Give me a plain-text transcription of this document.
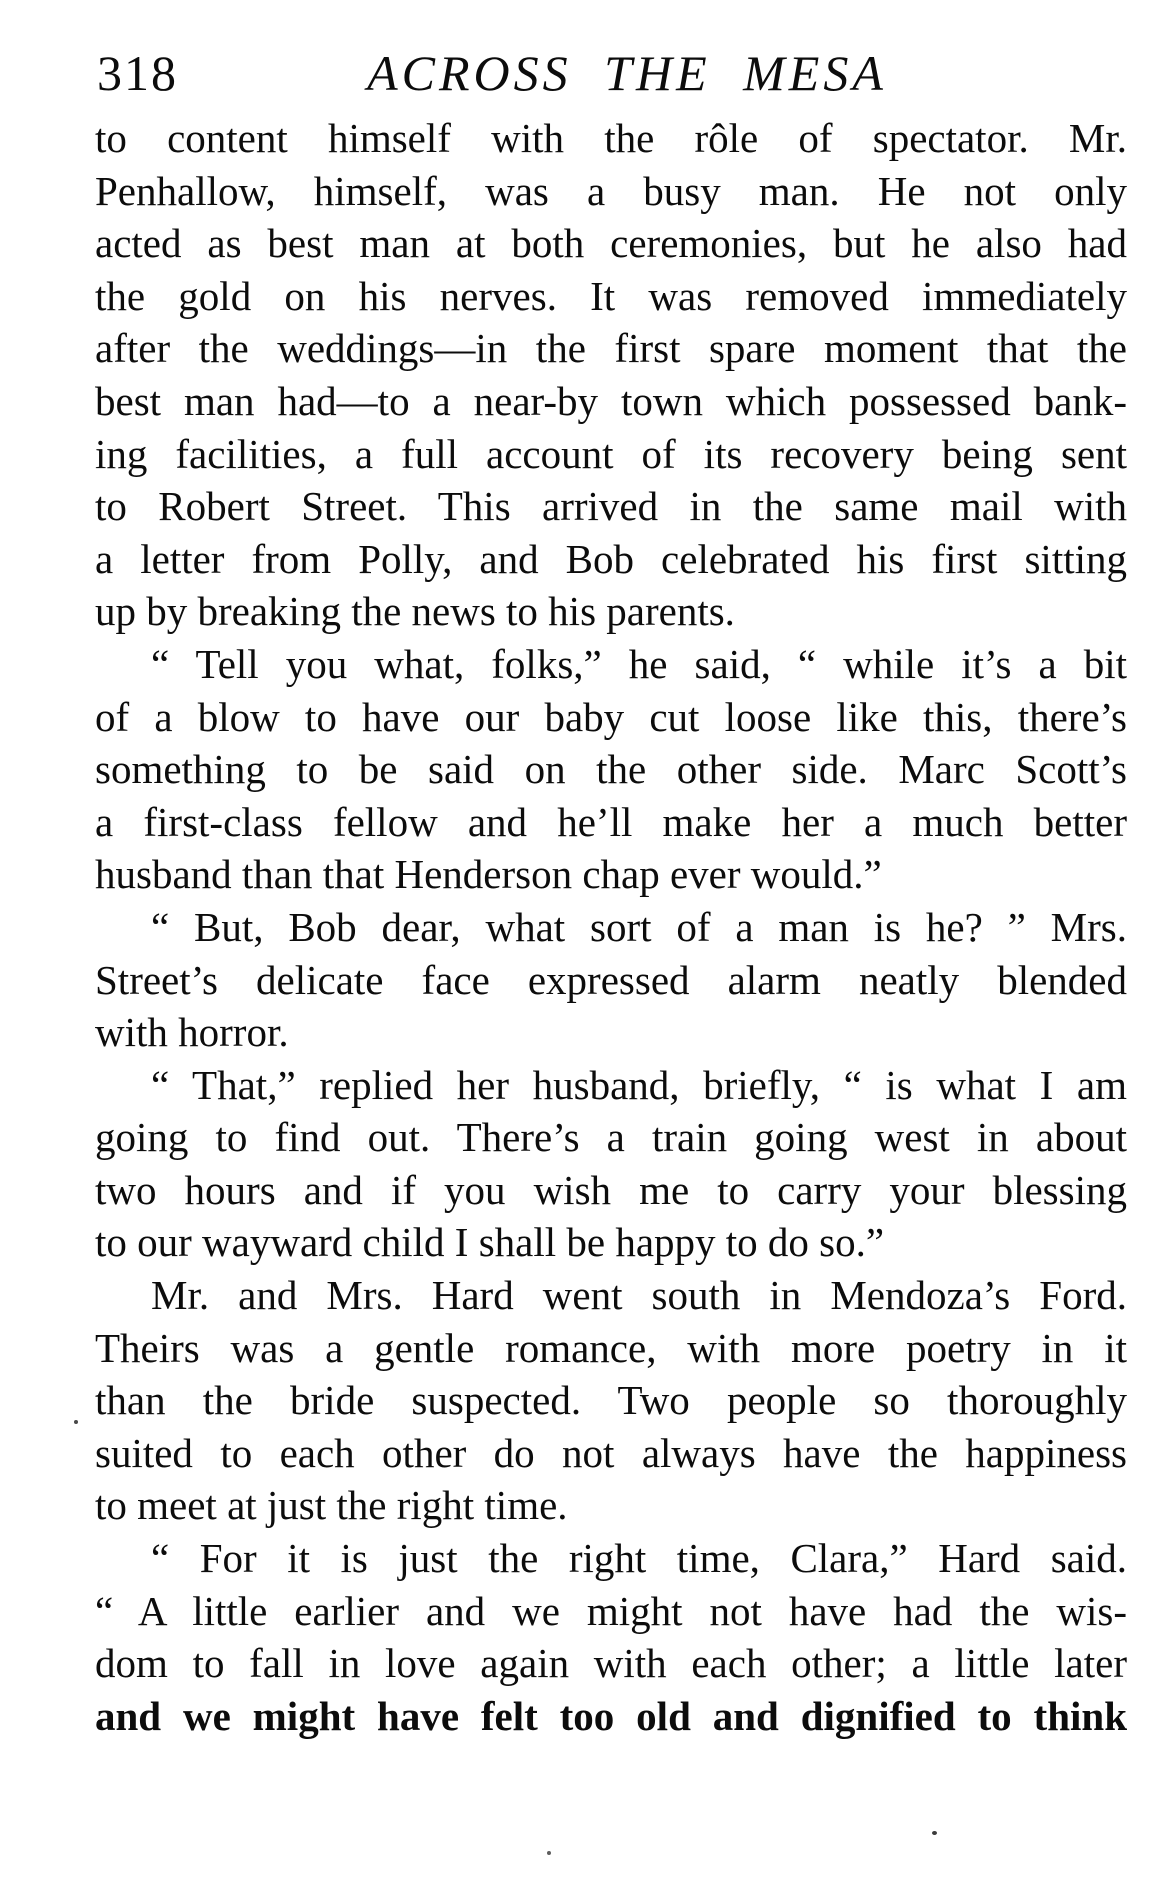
318	ACROSS THE MESA
to content himself with the rôle of spectator. Mr.
Penhallow, himself, was a busy man. He not only
acted as best man at both ceremonies, but he also had
the gold on his nerves. It was removed immediately
after the weddings—in the first spare moment that the
best man had—to a near-by town which possessed bank-
ing facilities, a full account of its recovery being sent
to Robert Street. This arrived in the same mail with
a letter from Polly, and Bob celebrated his first sitting
up by breaking the news to his parents.
“ Tell you what, folks,” he said, “ while it’s a bit
of a blow to have our baby cut loose like this, there’s
something to be said on the other side. Marc Scott’s
a first-class fellow and he’ll make her a much better
husband than that Henderson chap ever would.”
“ But, Bob dear, what sort of a man is he? ” Mrs.
Street’s delicate face expressed alarm neatly blended
with horror.
“ That,” replied her husband, briefly, “ is what I am
going to find out. There’s a train going west in about
two hours and if you wish me to carry your blessing
to our wayward child I shall be happy to do so.”
Mr. and Mrs. Hard went south in Mendoza’s Ford.
Theirs was a gentle romance, with more poetry in it
than the bride suspected. Two people so thoroughly
suited to each other do not always have the happiness
to meet at just the right time.
“ For it is just the right time, Clara,” Hard said.
“ A little earlier and we might not have had the wis-
dom to fall in love again with each other; a little later
and we might have felt too old and dignified to think
